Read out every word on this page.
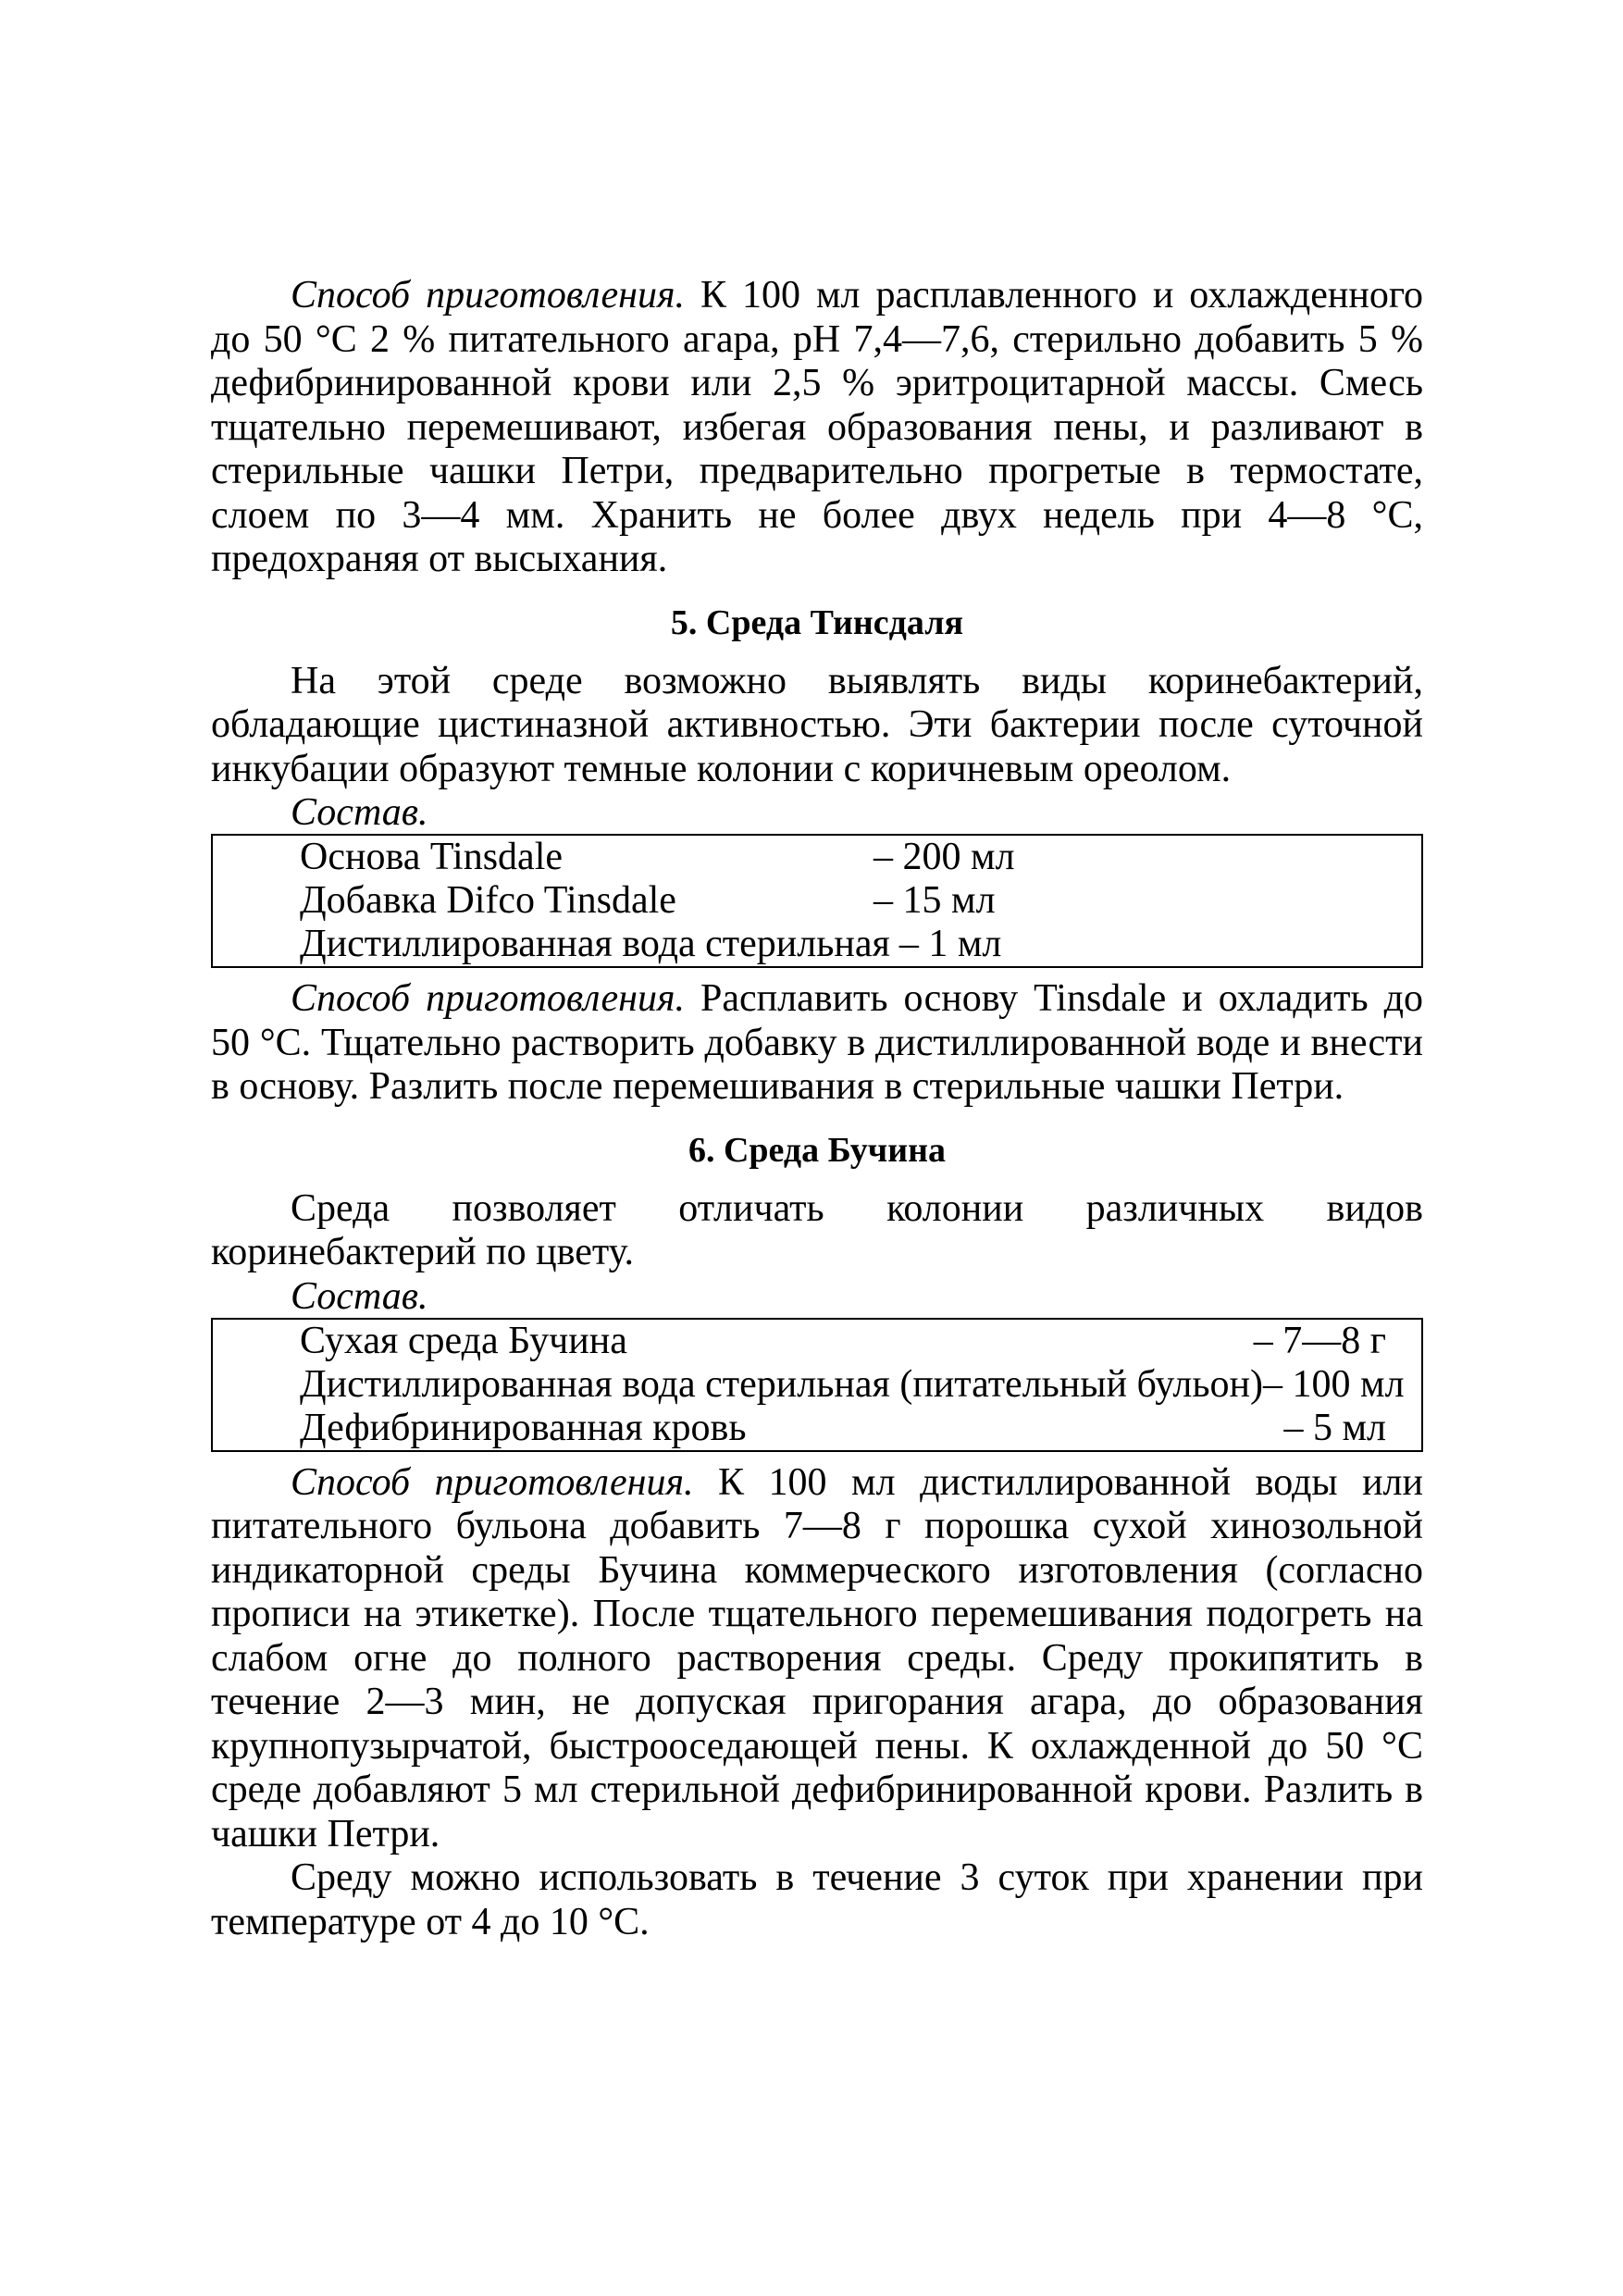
Способ приготовления. К 100 мл расплавленного и охлажденного до 50 °С 2 % питательного агара, pH 7,4—7,6, стерильно добавить 5 % дефибринированной крови или 2,5 % эритроцитарной массы. Смесь тщательно перемешивают, избегая образования пены, и разливают в стерильные чашки Петри, предварительно прогретые в термостате, слоем по 3—4 мм. Хранить не более двух недель при 4—8 °С, предохраняя от высыхания.

5. Среда Тинсдаля

На этой среде возможно выявлять виды коринебактерий, обладающие цистиназной активностью. Эти бактерии после суточной инкубации образуют темные колонии с коричневым ореолом.

Состав.

Основа Tinsdale	– 200 мл
Добавка Difco Tinsdale	– 15 мл
Дистиллированная вода стерильная – 1 мл

Способ приготовления. Расплавить основу Tinsdale и охладить до 50 °С. Тщательно растворить добавку в дистиллированной воде и внести в основу. Разлить после перемешивания в стерильные чашки Петри.

6. Среда Бучина

Среда позволяет отличать колонии различных видов коринебактерий по цвету.

Состав.

Сухая среда Бучина	– 7—8 г
Дистиллированная вода стерильная (питательный бульон) – 100 мл
Дефибринированная кровь	– 5 мл

Способ приготовления. К 100 мл дистиллированной воды или питательного бульона добавить 7—8 г порошка сухой хинозольной индикаторной среды Бучина коммерческого изготовления (согласно прописи на этикетке). После тщательного перемешивания подогреть на слабом огне до полного растворения среды. Среду прокипятить в течение 2—3 мин, не допуская пригорания агара, до образования крупнопузырчатой, быстрооседающей пены. К охлажденной до 50 °С среде добавляют 5 мл стерильной дефибринированной крови. Разлить в чашки Петри.

Среду можно использовать в течение 3 суток при хранении при температуре от 4 до 10 °С.
